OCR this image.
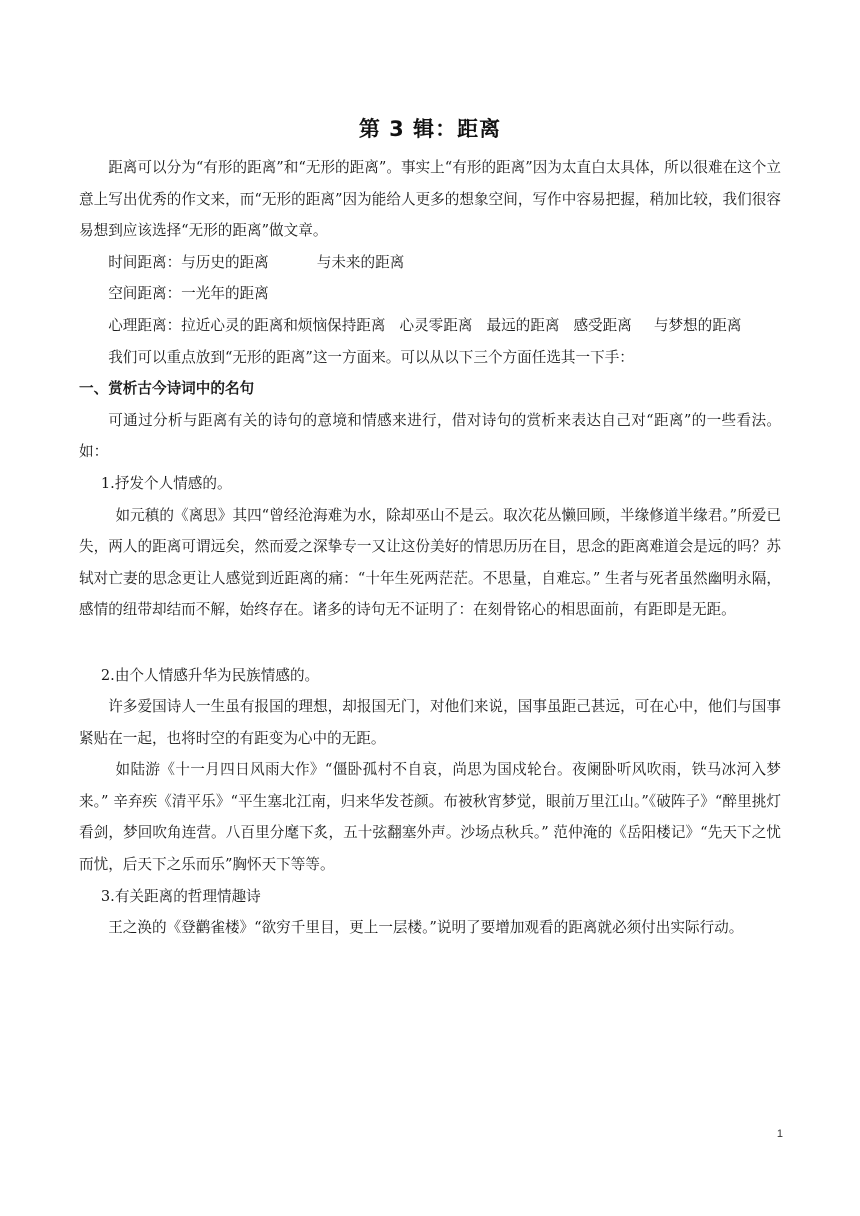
第 3 辑：距离

距离可以分为“有形的距离”和“无形的距离”。事实上“有形的距离”因为太直白太具体，所以很难在这个立意上写出优秀的作文来，而“无形的距离”因为能给人更多的想象空间，写作中容易把握，稍加比较，我们很容易想到应该选择“无形的距离”做文章。

时间距离：与历史的距离	与未来的距离

空间距离：一光年的距离

心理距离：拉近心灵的距离和烦恼保持距离 心灵零距离 最远的距离 感受距离 与梦想的距离

我们可以重点放到“无形的距离”这一方面来。可以从以下三个方面任选其一下手：

一、赏析古今诗词中的名句

可通过分析与距离有关的诗句的意境和情感来进行，借对诗句的赏析来表达自己对“距离”的一些看法。如：

1.抒发个人情感的。

如元稹的《离思》其四“曾经沧海难为水，除却巫山不是云。取次花丛懒回顾，半缘修道半缘君。”所爱已失，两人的距离可谓远矣，然而爱之深挚专一又让这份美好的情思历历在目，思念的距离难道会是远的吗？苏轼对亡妻的思念更让人感觉到近距离的痛：“十年生死两茫茫。不思量，自难忘。” 生者与死者虽然幽明永隔，感情的纽带却结而不解，始终存在。诸多的诗句无不证明了：在刻骨铭心的相思面前，有距即是无距。

2.由个人情感升华为民族情感的。

许多爱国诗人一生虽有报国的理想，却报国无门，对他们来说，国事虽距己甚远，可在心中，他们与国事紧贴在一起，也将时空的有距变为心中的无距。

如陆游《十一月四日风雨大作》“僵卧孤村不自哀，尚思为国戍轮台。夜阑卧听风吹雨，铁马冰河入梦来。” 辛弃疾《清平乐》“平生塞北江南，归来华发苍颜。布被秋宵梦觉，眼前万里江山。”《破阵子》“醉里挑灯看剑，梦回吹角连营。八百里分麾下炙，五十弦翻塞外声。沙场点秋兵。” 范仲淹的《岳阳楼记》“先天下之忧而忧，后天下之乐而乐”胸怀天下等等。

3.有关距离的哲理情趣诗

王之涣的《登鹳雀楼》“欲穷千里目，更上一层楼。”说明了要增加观看的距离就必须付出实际行动。

1
